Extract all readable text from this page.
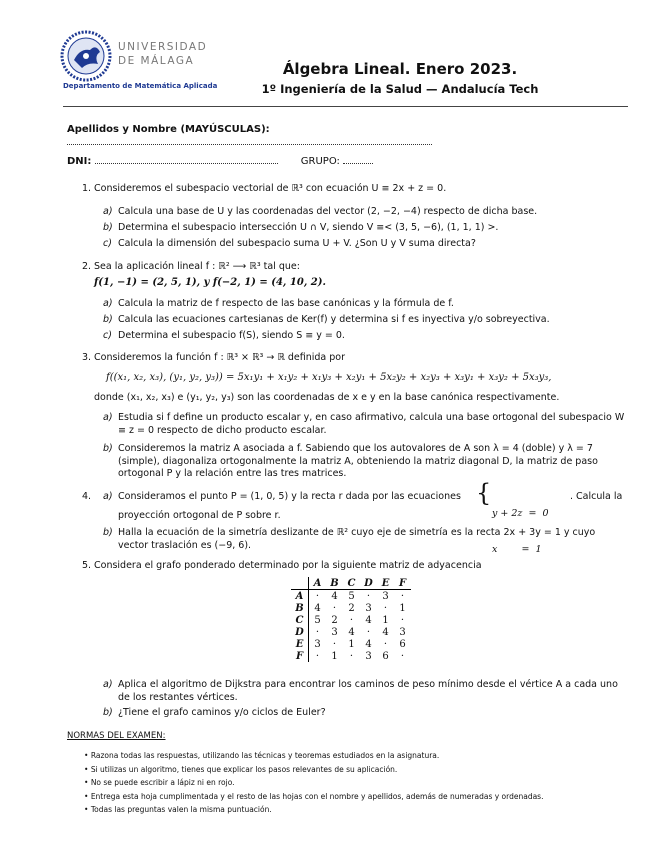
UNIVERSIDAD
DE MÁLAGA
Departamento de Matemática Aplicada
Álgebra Lineal. Enero 2023.
1º Ingeniería de la Salud — Andalucía Tech
Apellidos y Nombre (MAYÚSCULAS):
DNI:	GRUPO:
1. Consideremos el subespacio vectorial de ℝ³ con ecuación U ≡ 2x + z = 0.
a) Calcula una base de U y las coordenadas del vector (2, −2, −4) respecto de dicha base.
b) Determina el subespacio intersección U ∩ V, siendo V ≡< (3, 5, −6), (1, 1, 1) >.
c) Calcula la dimensión del subespacio suma U + V. ¿Son U y V suma directa?
2. Sea la aplicación lineal f : ℝ² ⟶ ℝ³ tal que:
f(1, −1) = (2, 5, 1), y f(−2, 1) = (4, 10, 2).
a) Calcula la matriz de f respecto de las base canónicas y la fórmula de f.
b) Calcula las ecuaciones cartesianas de Ker(f) y determina si f es inyectiva y/o sobreyectiva.
c) Determina el subespacio f(S), siendo S ≡ y = 0.
3. Consideremos la función f : ℝ³ × ℝ³ → ℝ definida por
f((x₁, x₂, x₃), (y₁, y₂, y₃)) = 5x₁y₁ + x₁y₂ + x₁y₃ + x₂y₁ + 5x₂y₂ + x₂y₃ + x₃y₁ + x₃y₂ + 5x₃y₃,
donde (x₁, x₂, x₃) e (y₁, y₂, y₃) son las coordenadas de x e y en la base canónica respectivamente.
a) Estudia si f define un producto escalar y, en caso afirmativo, calcula una base ortogonal del subespacio W ≡ z = 0 respecto de dicho producto escalar.
b) Consideremos la matriz A asociada a f. Sabiendo que los autovalores de A son λ = 4 (doble) y λ = 7 (simple), diagonaliza ortogonalmente la matriz A, obteniendo la matriz diagonal D, la matriz de paso ortogonal P y la relación entre las tres matrices.
4. a) Consideramos el punto P = (1, 0, 5) y la recta r dada por las ecuaciones {

y + 2z  =  0

x        =  1

. Calcula la
proyección ortogonal de P sobre r.
b) Halla la ecuación de la simetría deslizante de ℝ² cuyo eje de simetría es la recta 2x + 3y = 1 y cuyo vector traslación es (−9, 6).
5. Considera el grafo ponderado determinado por la siguiente matriz de adyacencia
	A	B	C	D	E	F
A	·	4	5	·	3	·
B	4	·	2	3	·	1
C	5	2	·	4	1	·
D	·	3	4	·	4	3
E	3	·	1	4	·	6
F	·	1	·	3	6	·
a) Aplica el algoritmo de Dijkstra para encontrar los caminos de peso mínimo desde el vértice A a cada uno de los restantes vértices.
b) ¿Tiene el grafo caminos y/o ciclos de Euler?
NORMAS DEL EXAMEN:
• Razona todas las respuestas, utilizando las técnicas y teoremas estudiados en la asignatura.
• Si utilizas un algoritmo, tienes que explicar los pasos relevantes de su aplicación.
• No se puede escribir a lápiz ni en rojo.
• Entrega esta hoja cumplimentada y el resto de las hojas con el nombre y apellidos, además de numeradas y ordenadas.
• Todas las preguntas valen la misma puntuación.
